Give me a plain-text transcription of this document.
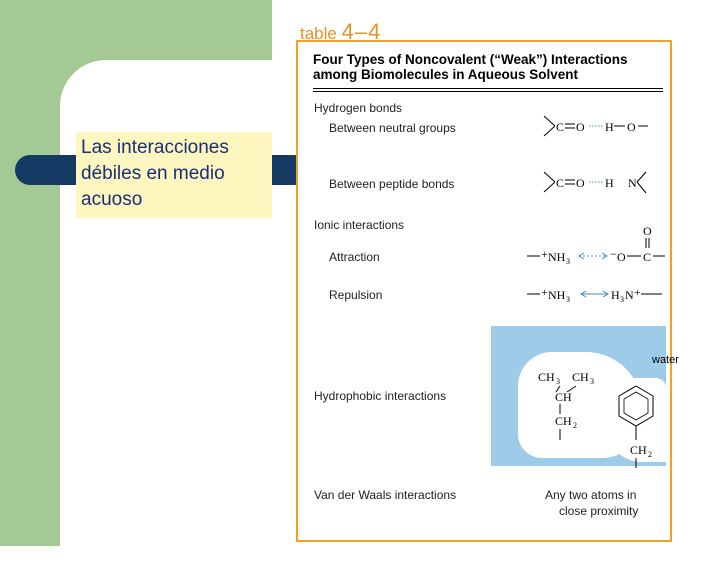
Las interacciones
débiles en medio
acuoso
table 4–4
Four Types of Noncovalent (“Weak”) Interactions
among Biomolecules in Aqueous Solvent
Hydrogen bonds
Between neutral groups
Between peptide bonds
Ionic interactions
Attraction
Repulsion
Hydrophobic interactions
Van der Waals interactions	Any two atoms in
close proximity
water
C O H O
C O H N
+ NH 3
− O C
O
+ NH 3	H 3 N +
CH 3 CH 3
CH
CH 2
CH 2
